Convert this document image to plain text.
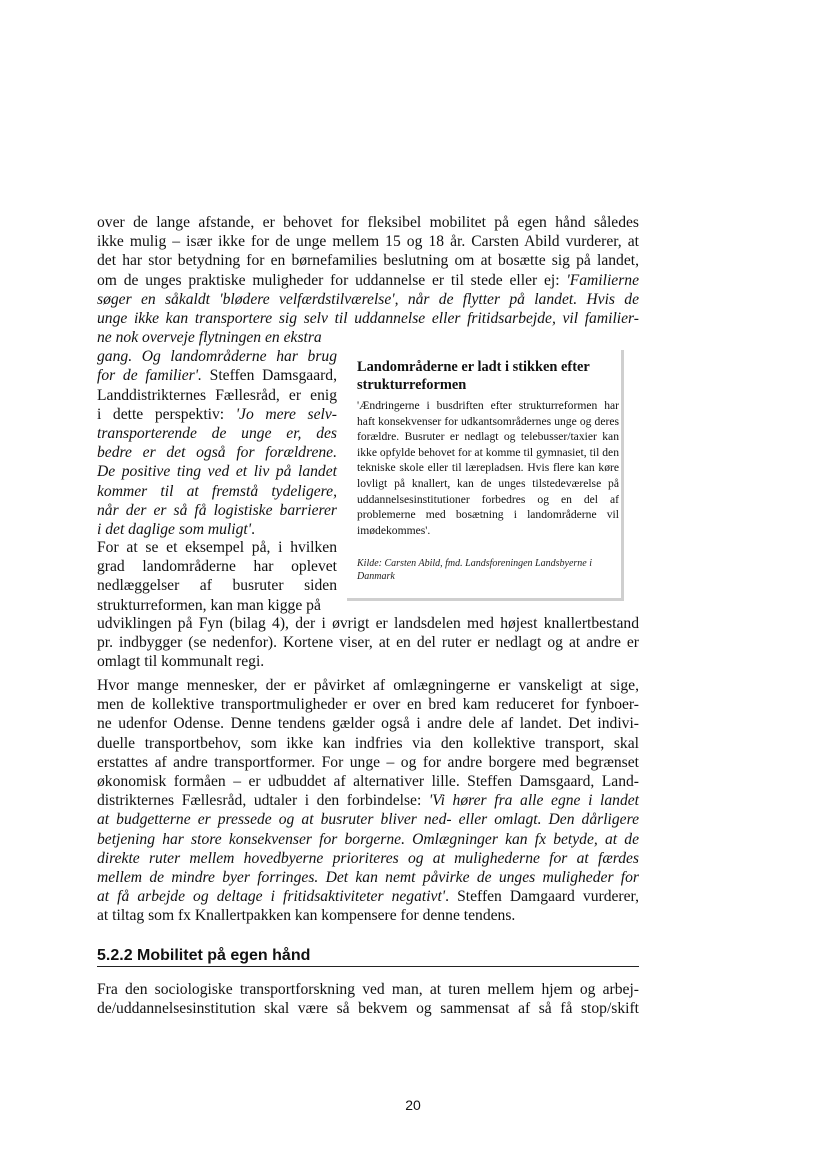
over de lange afstande, er behovet for fleksibel mobilitet på egen hånd således
ikke mulig – især ikke for de unge mellem 15 og 18 år. Carsten Abild vurderer, at
det har stor betydning for en børnefamilies beslutning om at bosætte sig på landet,
om de unges praktiske muligheder for uddannelse er til stede eller ej: 'Familierne
søger en såkaldt 'blødere velfærdstilværelse', når de flytter på landet. Hvis de
unge ikke kan transportere sig selv til uddannelse eller fritidsarbejde, vil familier-
ne nok overveje flytningen en ekstra
gang. Og landområderne har brug
for de familier'. Steffen Damsgaard,
Landdistrikternes Fællesråd, er enig
i dette perspektiv: 'Jo mere selv-
transporterende de unge er, des
bedre er det også for forældrene.
De positive ting ved et liv på landet
kommer til at fremstå tydeligere,
når der er så få logistiske barrierer
i det daglige som muligt'.
For at se et eksempel på, i hvilken
grad landområderne har oplevet
nedlæggelser af busruter siden
strukturreformen, kan man kigge på
udviklingen på Fyn (bilag 4), der i øvrigt er landsdelen med højest knallertbestand
pr. indbygger (se nedenfor). Kortene viser, at en del ruter er nedlagt og at andre er
omlagt til kommunalt regi.
Hvor mange mennesker, der er påvirket af omlægningerne er vanskeligt at sige,
men de kollektive transportmuligheder er over en bred kam reduceret for fynboer-
ne udenfor Odense. Denne tendens gælder også i andre dele af landet. Det indivi-
duelle transportbehov, som ikke kan indfries via den kollektive transport, skal
erstattes af andre transportformer. For unge – og for andre borgere med begrænset
økonomisk formåen – er udbuddet af alternativer lille. Steffen Damsgaard, Land-
distrikternes Fællesråd, udtaler i den forbindelse: 'Vi hører fra alle egne i landet
at budgetterne er pressede og at busruter bliver ned- eller omlagt. Den dårligere
betjening har store konsekvenser for borgerne. Omlægninger kan fx betyde, at de
direkte ruter mellem hovedbyerne prioriteres og at mulighederne for at færdes
mellem de mindre byer forringes. Det kan nemt påvirke de unges muligheder for
at få arbejde og deltage i fritidsaktiviteter negativt'. Steffen Damgaard vurderer,
at tiltag som fx Knallertpakken kan kompensere for denne tendens.

Landområderne er ladt i stikken efter strukturreformen

'Ændringerne i busdriften efter strukturreformen har haft konsekvenser for udkantsområdernes unge og deres forældre. Busruter er nedlagt og telebusser/taxier kan ikke opfylde behovet for at komme til gymnasiet, til den tekniske skole eller til lærepladsen. Hvis flere kan køre lovligt på knallert, kan de unges tilstedeværelse på uddannelsesinstitutioner forbedres og en del af problemerne med bosætning i landområderne vil imødekommes'.

Kilde: Carsten Abild, fmd. Landsforeningen Landsbyerne i Danmark

5.2.2 Mobilitet på egen hånd
Fra den sociologiske transportforskning ved man, at turen mellem hjem og arbej-
de/uddannelsesinstitution skal være så bekvem og sammensat af så få stop/skift

20
